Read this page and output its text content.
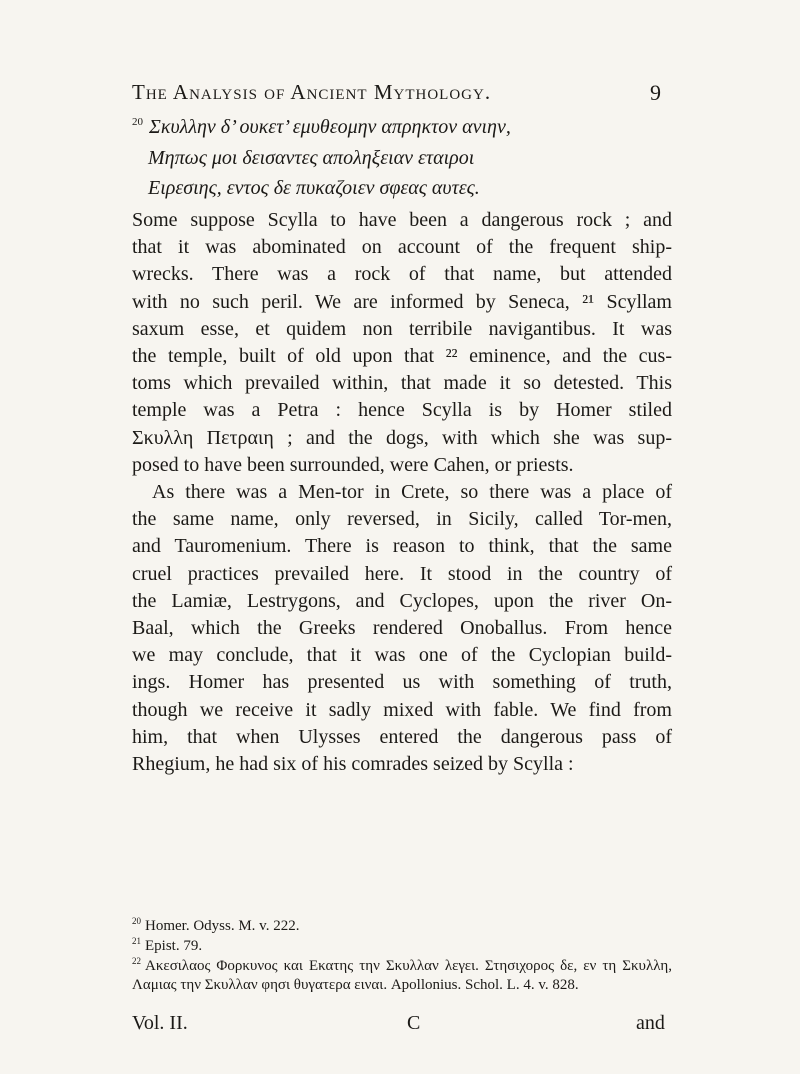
The Analysis of Ancient Mythology.	9
$^{20}$ Σκυλλην δ’ ουκετ’ εμυθεομην απρηκτον ανιην,
Μηπως μοι δεισαντες αποληξειαν εταιροι
Ειρεσιης, εντος δε πυκαζοιεν σφεας αυτες.
Some suppose Scylla to have been a dangerous rock ; and
that it was abominated on account of the frequent ship-
wrecks. There was a rock of that name, but attended
with no such peril. We are informed by Seneca, ²¹ Scyllam
saxum esse, et quidem non terribile navigantibus. It was
the temple, built of old upon that ²² eminence, and the cus-
toms which prevailed within, that made it so detested. This
temple was a Petra : hence Scylla is by Homer stiled
Σκυλλη Πετραιη ; and the dogs, with which she was sup-
posed to have been surrounded, were Cahen, or priests.
As there was a Men-tor in Crete, so there was a place of
the same name, only reversed, in Sicily, called Tor-men,
and Tauromenium. There is reason to think, that the same
cruel practices prevailed here. It stood in the country of
the Lamiæ, Lestrygons, and Cyclopes, upon the river On-
Baal, which the Greeks rendered Onoballus. From hence
we may conclude, that it was one of the Cyclopian build-
ings. Homer has presented us with something of truth,
though we receive it sadly mixed with fable. We find from
him, that when Ulysses entered the dangerous pass of
Rhegium, he had six of his comrades seized by Scylla :
$^{20}$ Homer. Odyss. M. v. 222.
$^{21}$ Epist. 79.
$^{22}$ Ακεσιλαος Φορκυνος και Εκατης την Σκυλλαν λεγει. Στησιχορος δε, εν τη Σκυλλη, Λαμιας την Σκυλλαν φησι θυγατερα ειναι. Apollonius. Schol. L. 4. v. 828.
Vol. II.	C	and
